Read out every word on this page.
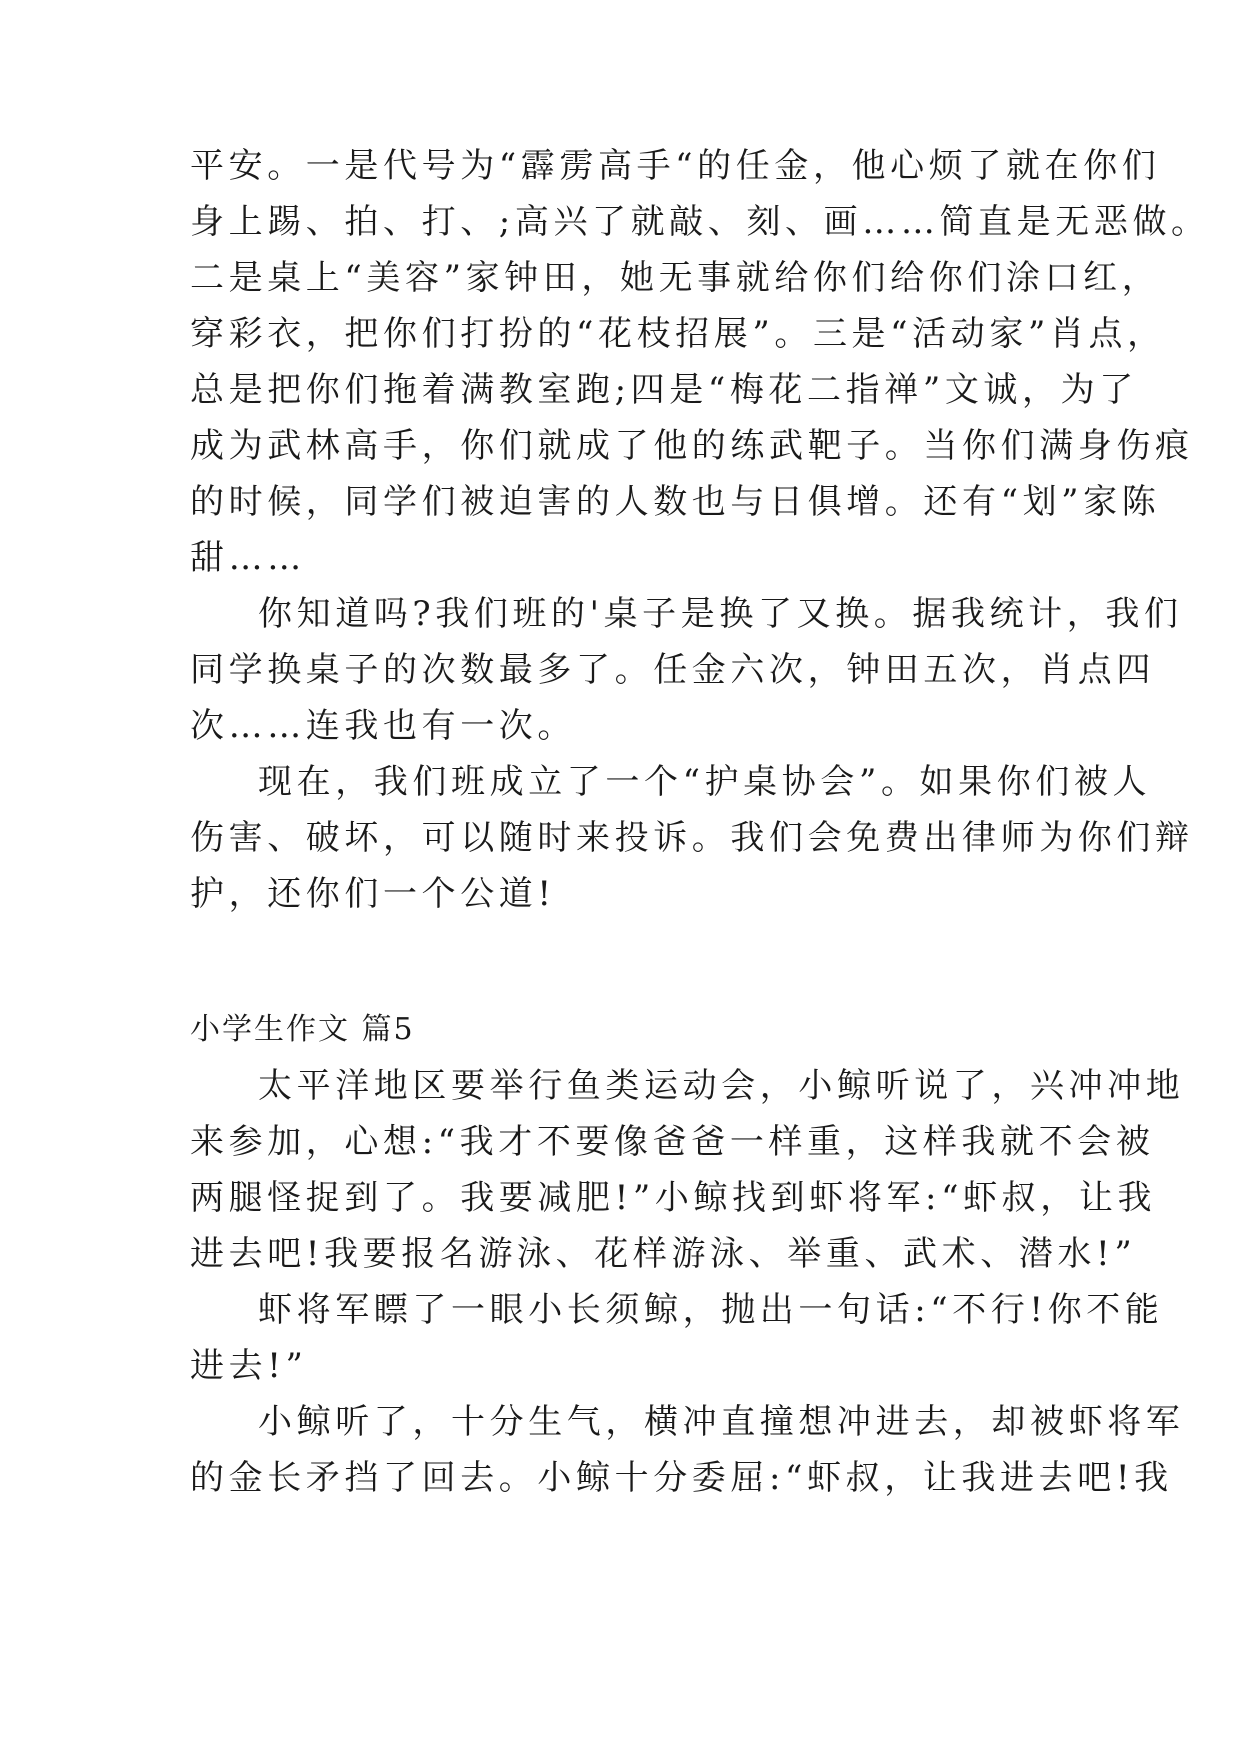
平安。一是代号为“霹雳高手“的任金，他心烦了就在你们
身上踢、拍、打、;高兴了就敲、刻、画……简直是无恶做。
二是桌上“美容”家钟田，她无事就给你们给你们涂口红，
穿彩衣，把你们打扮的“花枝招展”。三是“活动家”肖点，
总是把你们拖着满教室跑;四是“梅花二指禅”文诚，为了
成为武林高手，你们就成了他的练武靶子。当你们满身伤痕
的时候，同学们被迫害的人数也与日俱增。还有“划”家陈
甜……
你知道吗?我们班的'桌子是换了又换。据我统计，我们
同学换桌子的次数最多了。任金六次，钟田五次，肖点四
次……连我也有一次。
现在，我们班成立了一个“护桌协会”。如果你们被人
伤害、破坏，可以随时来投诉。我们会免费出律师为你们辩
护，还你们一个公道!
小学生作文 篇5
太平洋地区要举行鱼类运动会，小鲸听说了，兴冲冲地
来参加，心想:“我才不要像爸爸一样重，这样我就不会被
两腿怪捉到了。我要减肥!”小鲸找到虾将军:“虾叔，让我
进去吧!我要报名游泳、花样游泳、举重、武术、潜水!”
虾将军瞟了一眼小长须鲸，抛出一句话:“不行!你不能
进去!”
小鲸听了，十分生气，横冲直撞想冲进去，却被虾将军
的金长矛挡了回去。小鲸十分委屈:“虾叔，让我进去吧!我
